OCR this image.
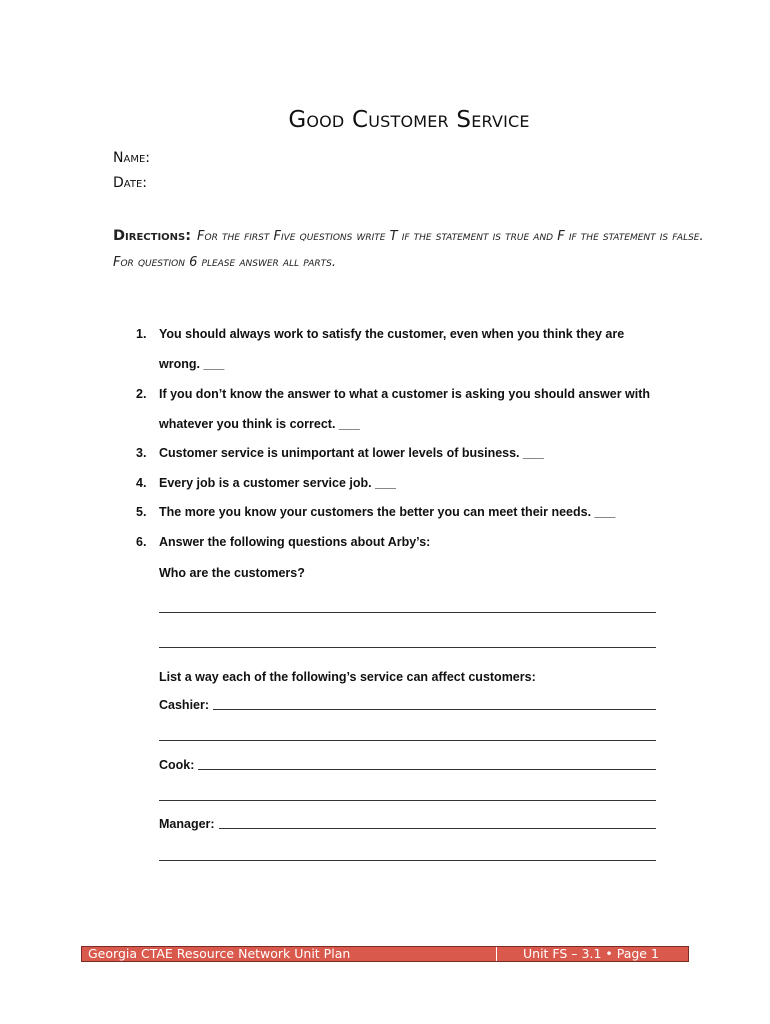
Good Customer Service
Name:
Date:
Directions: For the first Five questions write T if the statement is true and F if the statement is false. For question 6 please answer all parts.
1. You should always work to satisfy the customer, even when you think they are wrong. ___
2. If you don’t know the answer to what a customer is asking you should answer with whatever you think is correct. ___
3. Customer service is unimportant at lower levels of business. ___
4. Every job is a customer service job. ___
5. The more you know your customers the better you can meet their needs. ___
6. Answer the following questions about Arby’s:
Who are the customers?
List a way each of the following’s service can affect customers:
Cashier:
Cook:
Manager:
Georgia CTAE Resource Network Unit Plan	Unit FS – 3.1 • Page 1
